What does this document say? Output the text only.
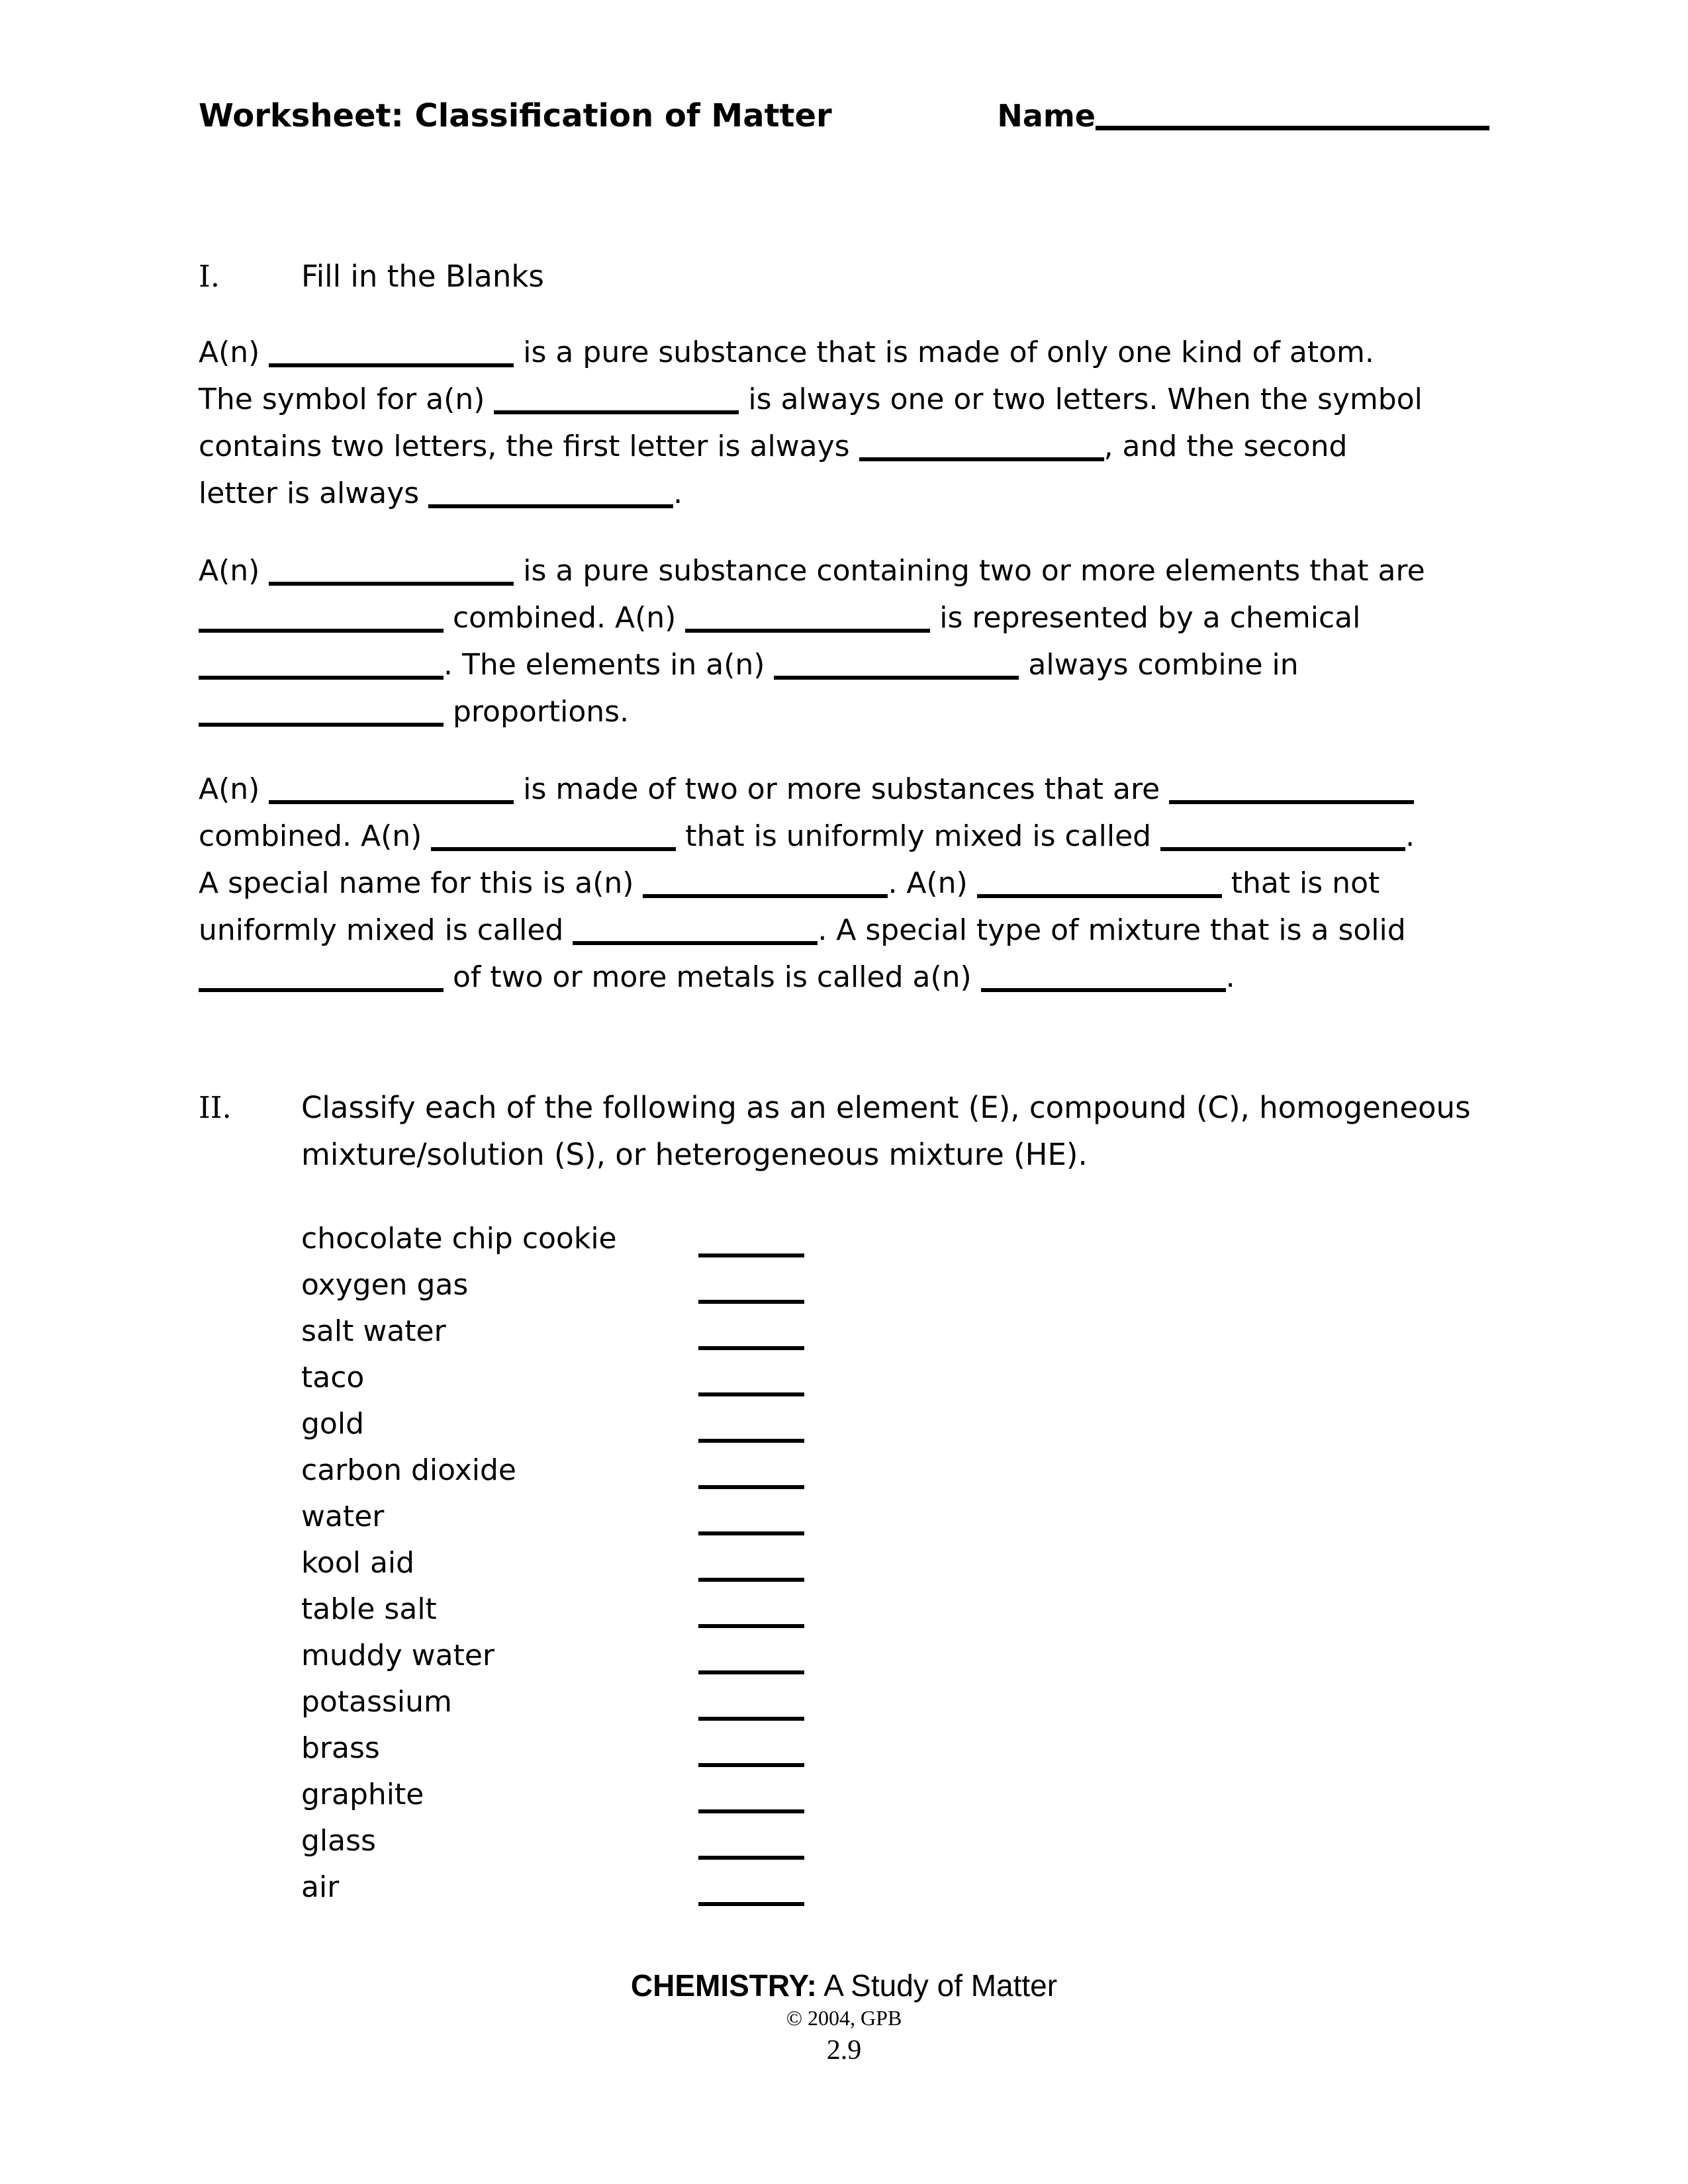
Worksheet: Classification of Matter	Name
I.	Fill in the Blanks
A(n)	is a pure substance that is made of only one kind of atom.
The symbol for a(n)	is always one or two letters. When the symbol
contains two letters, the first letter is always	, and the second
letter is always	.
A(n)	is a pure substance containing two or more elements that are
combined. A(n)	is represented by a chemical
. The elements in a(n)	always combine in
proportions.
A(n)	is made of two or more substances that are
combined. A(n)	that is uniformly mixed is called	.
A special name for this is a(n)	. A(n)	that is not
uniformly mixed is called	. A special type of mixture that is a solid
of two or more metals is called a(n)	.
II.	Classify each of the following as an element (E), compound (C), homogeneous
mixture/solution (S), or heterogeneous mixture (HE).
chocolate chip cookie
oxygen gas
salt water
taco
gold
carbon dioxide
water
kool aid
table salt
muddy water
potassium
brass
graphite
glass
air
CHEMISTRY: A Study of Matter
© 2004, GPB
2.9
